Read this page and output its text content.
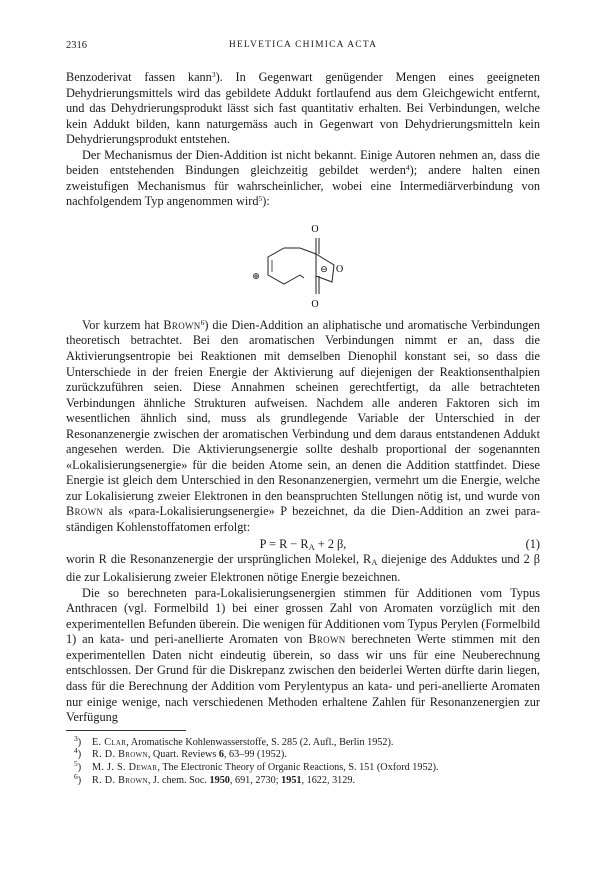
2316	HELVETICA CHIMICA ACTA

Benzoderivat fassen kann$^3$). In Gegenwart genügender Mengen eines geeigneten Dehydrierungsmittels wird das gebildete Addukt fortlaufend aus dem Gleichgewicht entfernt, und das Dehydrierungsprodukt lässt sich fast quantitativ erhalten. Bei Verbindungen, welche kein Addukt bilden, kann naturgemäss auch in Gegenwart von Dehydrierungsmitteln kein Dehydrierungsprodukt entstehen.

Der Mechanismus der Dien-Addition ist nicht bekannt. Einige Autoren nehmen an, dass die beiden entstehenden Bindungen gleichzeitig gebildet werden$^4$); andere halten einen zweistufigen Mechanismus für wahrscheinlicher, wobei eine Intermediärverbindung von nachfolgendem Typ angenommen wird$^5$):

O
O
O
⊕
⊖

Vor kurzem hat Brown$^6$) die Dien-Addition an aliphatische und aromatische Verbindungen theoretisch betrachtet. Bei den aromatischen Verbindungen nimmt er an, dass die Aktivierungsentropie bei Reaktionen mit demselben Dienophil konstant sei, so dass die Unterschiede in der freien Energie der Aktivierung auf diejenigen der Reaktionsenthalpien zurückzuführen seien. Diese Annahmen scheinen gerechtfertigt, da alle betrachteten Verbindungen ähnliche Strukturen aufweisen. Nachdem alle anderen Faktoren sich im wesentlichen ähnlich sind, muss als grundlegende Variable der Unterschied in der Resonanzenergie zwischen der aromatischen Verbindung und dem daraus entstandenen Addukt angesehen werden. Die Aktivierungsenergie sollte deshalb proportional der sogenannten «Lokalisierungsenergie» für die beiden Atome sein, an denen die Addition stattfindet. Diese Energie ist gleich dem Unterschied in den Resonanzenergien, vermehrt um die Energie, welche zur Lokalisierung zweier Elektronen in den beanspruchten Stellungen nötig ist, und wurde von Brown als «para-Lokalisierungsenergie» P bezeichnet, da die Dien-Addition an zwei para-ständigen Kohlenstoffatomen erfolgt:

$P = R - R_A + 2$ β,	(1)

worin R die Resonanzenergie der ursprünglichen Molekel, $R_A$ diejenige des Adduktes und 2 β die zur Lokalisierung zweier Elektronen nötige Energie bezeichnen.

Die so berechneten para-Lokalisierungsenergien stimmen für Additionen vom Typus Anthracen (vgl. Formelbild 1) bei einer grossen Zahl von Aromaten vorzüglich mit den experimentellen Befunden überein. Die wenigen für Additionen vom Typus Perylen (Formelbild 1) an kata- und peri-anellierte Aromaten von Brown berechneten Werte stimmen mit den experimentellen Daten nicht eindeutig überein, so dass wir uns für eine Neuberechnung entschlossen. Der Grund für die Diskrepanz zwischen den beiderlei Werten dürfte darin liegen, dass für die Berechnung der Addition vom Perylentypus an kata- und peri-anellierte Aromaten nur einige wenige, nach verschiedenen Methoden erhaltene Zahlen für Resonanzenergien zur Verfügung

$^3$) E. Clar, Aromatische Kohlenwasserstoffe, S. 285 (2. Aufl., Berlin 1952).
$^4$) R. D. Brown, Quart. Reviews 6, 63–99 (1952).
$^5$) M. J. S. Dewar, The Electronic Theory of Organic Reactions, S. 151 (Oxford 1952).
$^6$) R. D. Brown, J. chem. Soc. 1950, 691, 2730; 1951, 1622, 3129.
